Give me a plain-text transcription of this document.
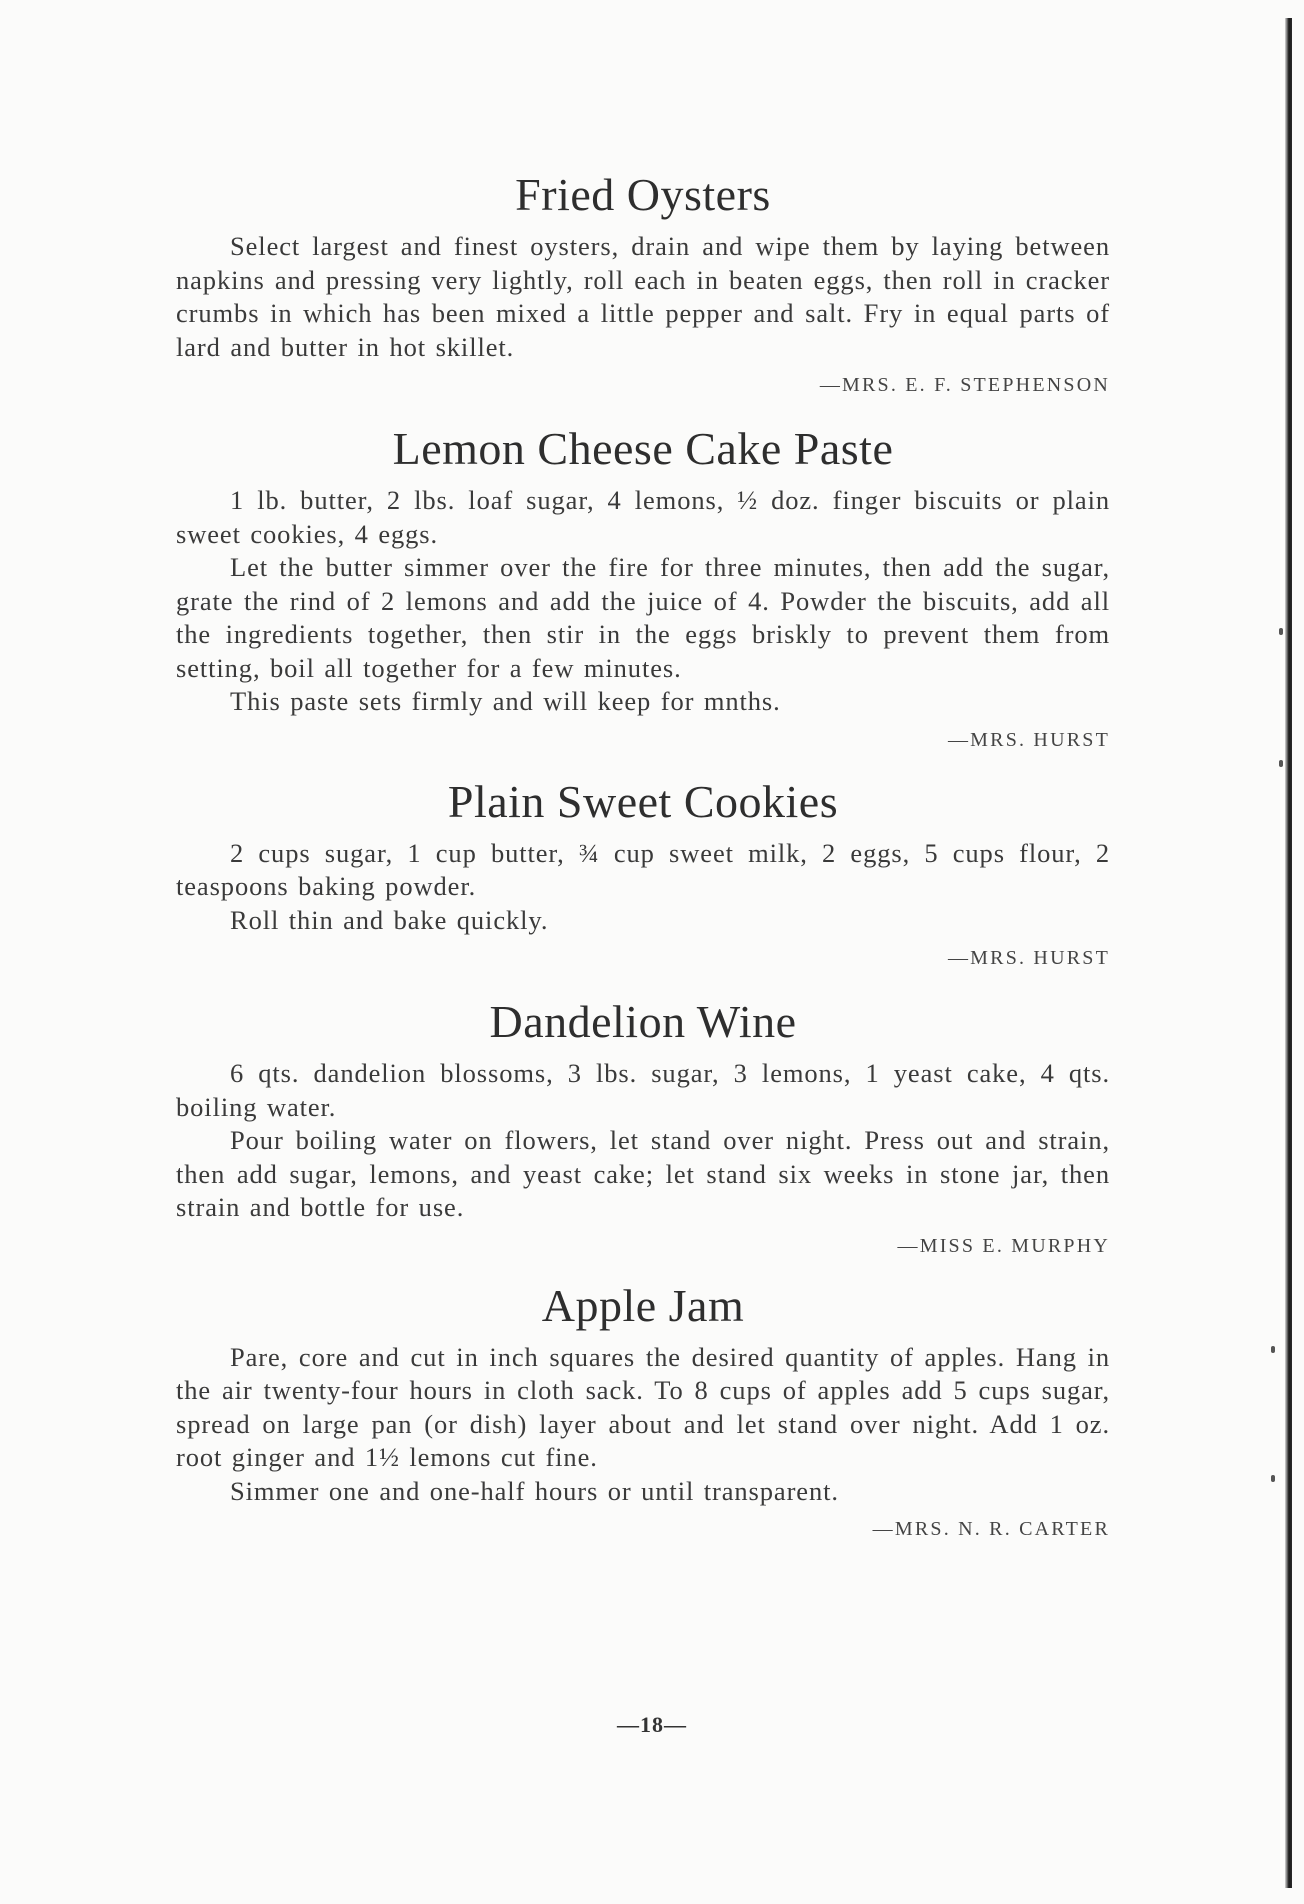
Fried Oysters

Select largest and finest oysters, drain and wipe them by laying between napkins and pressing very lightly, roll each in beaten eggs, then roll in cracker crumbs in which has been mixed a little pepper and salt. Fry in equal parts of lard and butter in hot skillet.

—MRS. E. F. STEPHENSON

Lemon Cheese Cake Paste

1 lb. butter, 2 lbs. loaf sugar, 4 lemons, ½ doz. finger biscuits or plain sweet cookies, 4 eggs.

Let the butter simmer over the fire for three minutes, then add the sugar, grate the rind of 2 lemons and add the juice of 4. Powder the biscuits, add all the ingredients together, then stir in the eggs briskly to prevent them from setting, boil all together for a few minutes.

This paste sets firmly and will keep for mnths.

—MRS. HURST

Plain Sweet Cookies

2 cups sugar, 1 cup butter, ¾ cup sweet milk, 2 eggs, 5 cups flour, 2 teaspoons baking powder.

Roll thin and bake quickly.

—MRS. HURST

Dandelion Wine

6 qts. dandelion blossoms, 3 lbs. sugar, 3 lemons, 1 yeast cake, 4 qts. boiling water.

Pour boiling water on flowers, let stand over night. Press out and strain, then add sugar, lemons, and yeast cake; let stand six weeks in stone jar, then strain and bottle for use.

—MISS E. MURPHY

Apple Jam

Pare, core and cut in inch squares the desired quantity of apples. Hang in the air twenty-four hours in cloth sack. To 8 cups of apples add 5 cups sugar, spread on large pan (or dish) layer about and let stand over night. Add 1 oz. root ginger and 1½ lemons cut fine.

Simmer one and one-half hours or until transparent.

—MRS. N. R. CARTER

—18—
